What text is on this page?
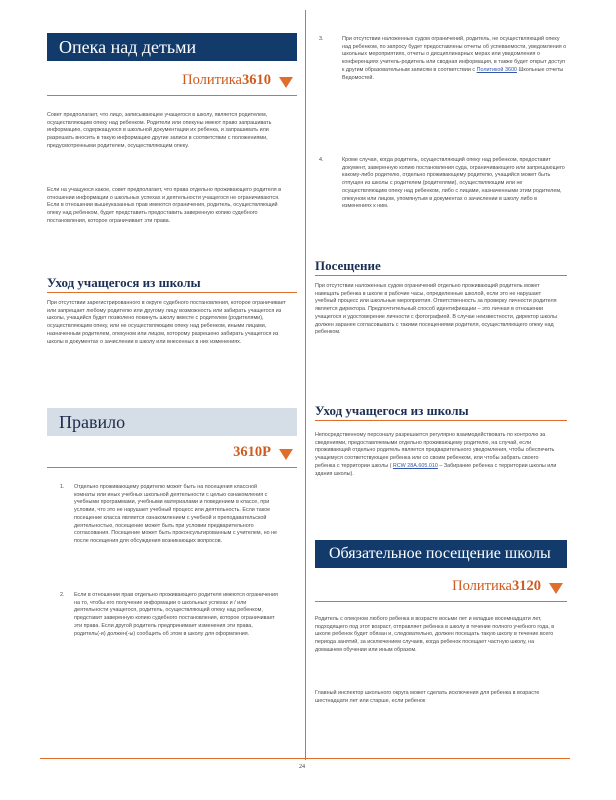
Опека над детьми
Политика3610

Совет предполагает, что лицо, записывающее учащегося в школу, является родителем, осуществляющим опеку над ребенком. Родители или опекуны имеют право запрашивать информацию, содержащуюся в школьной документации их ребенка, и запрашивать или разрешать вносить в такую информацию другие записи в соответствии с положениями, предусмотренными родителем, осуществляющим опеку.

Если на учащуюся какое, совет предполагает, что права отдельно проживающего родителя в отношении информации о школьных успехах и деятельности учащегося не ограничиваются. Если в отношении вышеуказанных прав имеются ограничения, родитель, осуществляющий опеку над ребенком, будет представить предоставить заверенную копию судебного постановления, которое ограничивает эти права.

Уход учащегося из школы

При отсутствии зарегистрированного в округе судебного постановления, которое ограничивает или запрещает любому родителю или другому лицу возможность или забирать учащегося из школы, учащийся будет позволено покинуть школу вместе с родителем (родителями), осуществляющим опеку, или не осуществляющим опеку над ребенком, иными лицами, назначенным родителем, опекуном или лицом, которому разрешено забирать учащегося из школы в документах о зачислении в школу или внесенных в них изменениях.

Правило
3610Р
1. Отдельно проживающему родителю может быть на посещения классной комнаты или иных учебных школьной деятельности с целью ознакомления с учебными программами, учебными материалами и поведением в классе, при условии, что это не нарушает учебный процесс или деятельность. Если такое посещение класса является ознакомлением с учебной и преподавательской деятельностью, посещение может быть при условии предварительного согласования. Посещение может быть проконсультированным с учителем, но не после посещения для обсуждения возникающих вопросов.

2. Если в отношении прав отдельно проживающего родителя имеются ограничения на то, чтобы его получение информации о школьных успехах и / или деятельности учащегося, родитель, осуществляющий опеку над ребенком, представит заверенную копию судебного постановления, которое ограничивает эти права. Если другой родитель предпринимает изменения эти права, родитель(-и) должен(-ы) сообщить об этом в школу для оформления.

3.	При отсутствии наложенных судом ограничений, родитель, не осуществляющий опеку над ребенком, по запросу будет предоставлены отчеты об успеваемости, уведомления о школьных мероприятиях, отчеты о дисциплинарных мерах или уведомления о конференциях учитель-родитель или сводная информация, в также будет открыт доступ к другим образовательным записям в соответствии с Политикой 3600 Школьные отчеты Ведомостей.

4.	Кроме случая, когда родитель, осуществляющий опеку над ребенком, предоставит документ, заверенную копию постановления суда, ограничивающего или запрещающего какому-либо родителю, отдельно проживающему родителю, учащийся может быть отпущен из школы с родителем (родителями), осуществляющим или не осуществляющим опеку над ребенком, либо с лицами, назначенными этим родителем, опекуном или лицом, упомянутым в документах о зачислении в школу либо в изменениях к ним.

Посещение

При отсутствии наложенных судом ограничений отдельно проживающий родитель может навещать ребенка в школе в рабочие часы, определенные школой, если это не нарушает учебный процесс или школьные мероприятия. Ответственность за проверку личности родителя является директора. Предпочтительный способ идентификации – это личная в отношении учащегося и удостоверение личности с фотографией. В случае неизвестности, директор школы должен заранее согласовывать с такими посещениями родителя, осуществляющего опеку над ребенком.

Уход учащегося из школы

Непосредственному персоналу разрешается регулярно взаимодействовать по контролю за сведениями, предоставляемыми отдельно проживающему родителю, на случай, если проживающий отдельно родитель является предварительного уведомления, чтобы обеспечить учащемуся соответствующее ребенка или со своим ребенком, или чтобы забрать своего ребенка с территории школы ( RCW 28A.605.010 – Забирание ребенка с территории школы или здания школы).

Обязательное посещение школы
Политика3120

Родитель с опекуном любого ребенка в возрасте восьми лет и младше восемнадцати лет, подходящего под этот возраст, отправляет ребенка в школу в течение полного учебного года, в школе ребенок будет обязан и, следовательно, должен посещать такую школу в течение всего периода занятий, за исключением случаев, когда ребенок посещает частную школу, на домашнем обучении или иным образом.

Главный инспектор школьного округа может сделать исключения для ребенка в возрасте шестнадцати лет или старше, если ребенок

24
